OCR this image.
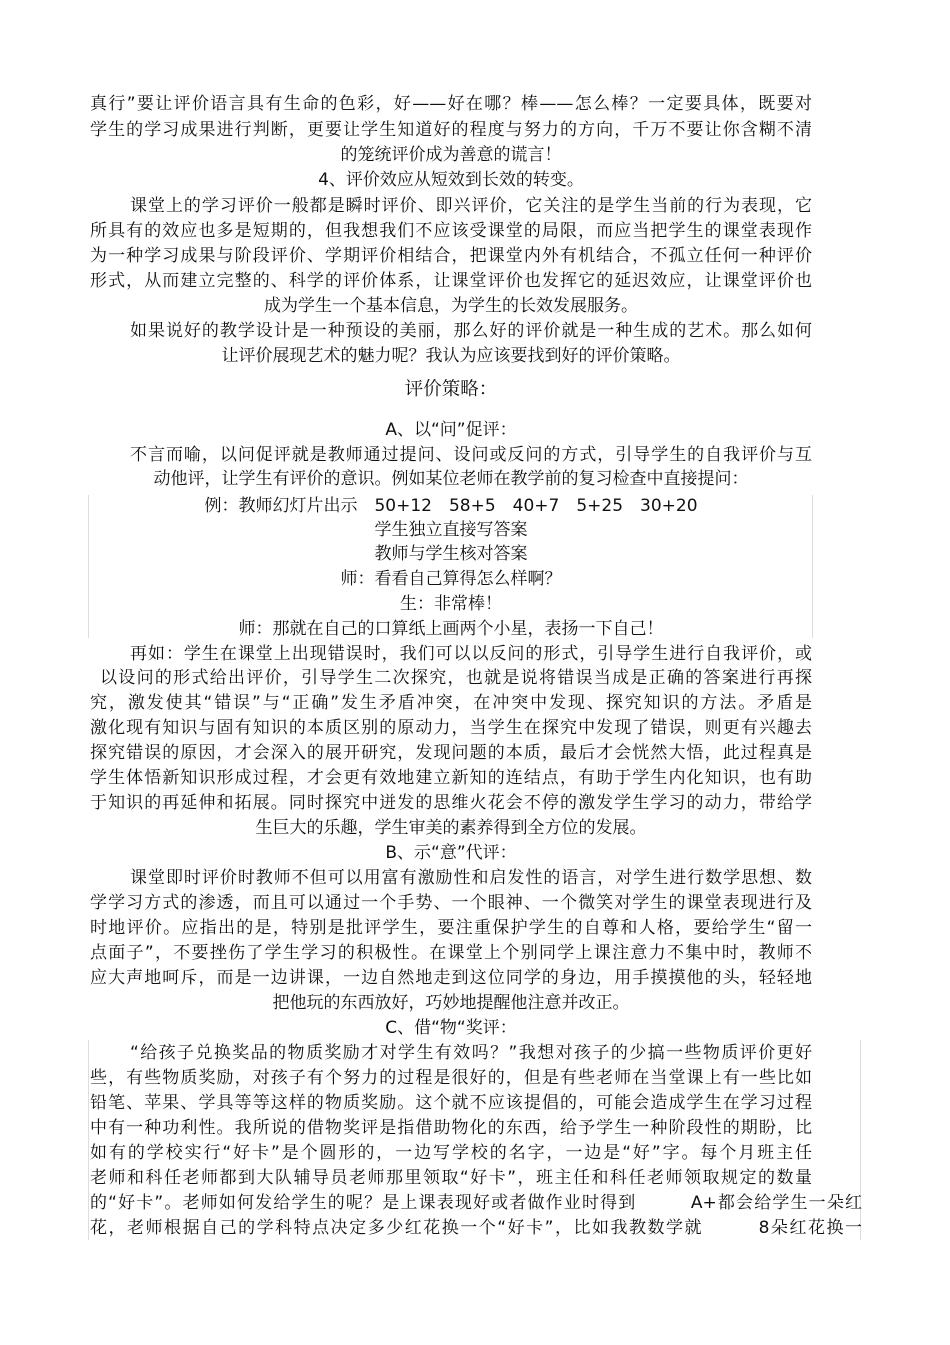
真行”要让评价语言具有生命的色彩，好——好在哪？棒——怎么棒？一定要具体，既要对
学生的学习成果进行判断，更要让学生知道好的程度与努力的方向，千万不要让你含糊不清
的笼统评价成为善意的谎言！
4、评价效应从短效到长效的转变。
课堂上的学习评价一般都是瞬时评价、即兴评价，它关注的是学生当前的行为表现，它
所具有的效应也多是短期的，但我想我们不应该受课堂的局限，而应当把学生的课堂表现作
为一种学习成果与阶段评价、学期评价相结合，把课堂内外有机结合，不孤立任何一种评价
形式，从而建立完整的、科学的评价体系，让课堂评价也发挥它的延迟效应，让课堂评价也
成为学生一个基本信息，为学生的长效发展服务。
如果说好的教学设计是一种预设的美丽，那么好的评价就是一种生成的艺术。那么如何
让评价展现艺术的魅力呢？我认为应该要找到好的评价策略。
评价策略：
A、以“问”促评：
不言而喻，以问促评就是教师通过提问、设问或反问的方式，引导学生的自我评价与互
动他评，让学生有评价的意识。例如某位老师在教学前的复习检查中直接提问：
例：教师幻灯片出示　50+12　58+5　40+7　5+25　30+20
学生独立直接写答案
教师与学生核对答案
师：看看自己算得怎么样啊？
生：非常棒！
师：那就在自己的口算纸上画两个小星，表扬一下自己！
再如：学生在课堂上出现错误时，我们可以以反问的形式，引导学生进行自我评价，或
以设问的形式给出评价，引导学生二次探究，也就是说将错误当成是正确的答案进行再探
究，激发使其“错误”与“正确”发生矛盾冲突，在冲突中发现、探究知识的方法。矛盾是
激化现有知识与固有知识的本质区别的原动力，当学生在探究中发现了错误，则更有兴趣去
探究错误的原因，才会深入的展开研究，发现问题的本质，最后才会恍然大悟，此过程真是
学生体悟新知识形成过程，才会更有效地建立新知的连结点，有助于学生内化知识，也有助
于知识的再延伸和拓展。同时探究中迸发的思维火花会不停的激发学生学习的动力，带给学
生巨大的乐趣，学生审美的素养得到全方位的发展。
B、示“意”代评：
课堂即时评价时教师不但可以用富有激励性和启发性的语言，对学生进行数学思想、数
学学习方式的渗透，而且可以通过一个手势、一个眼神、一个微笑对学生的课堂表现进行及
时地评价。应指出的是，特别是批评学生，要注重保护学生的自尊和人格，要给学生“留一
点面子”，不要挫伤了学生学习的积极性。在课堂上个别同学上课注意力不集中时，教师不
应大声地呵斥，而是一边讲课，一边自然地走到这位同学的身边，用手摸摸他的头，轻轻地
把他玩的东西放好，巧妙地提醒他注意并改正。
C、借“物“奖评：
“给孩子兑换奖品的物质奖励才对学生有效吗？”我想对孩子的少搞一些物质评价更好
些，有些物质奖励，对孩子有个努力的过程是很好的，但是有些老师在当堂课上有一些比如
铅笔、苹果、学具等等这样的物质奖励。这个就不应该提倡的，可能会造成学生在学习过程
中有一种功利性。我所说的借物奖评是指借助物化的东西，给予学生一种阶段性的期盼，比
如有的学校实行“好卡”是个圆形的，一边写学校的名字，一边是“好”字。每个月班主任
老师和科任老师都到大队辅导员老师那里领取“好卡”，班主任和科任老师领取规定的数量
的“好卡”。老师如何发给学生的呢？是上课表现好或者做作业时得到　　　A+都会给学生一朵红
花，老师根据自己的学科特点决定多少红花换一个“好卡”，比如我教数学就　　　8朵红花换一
